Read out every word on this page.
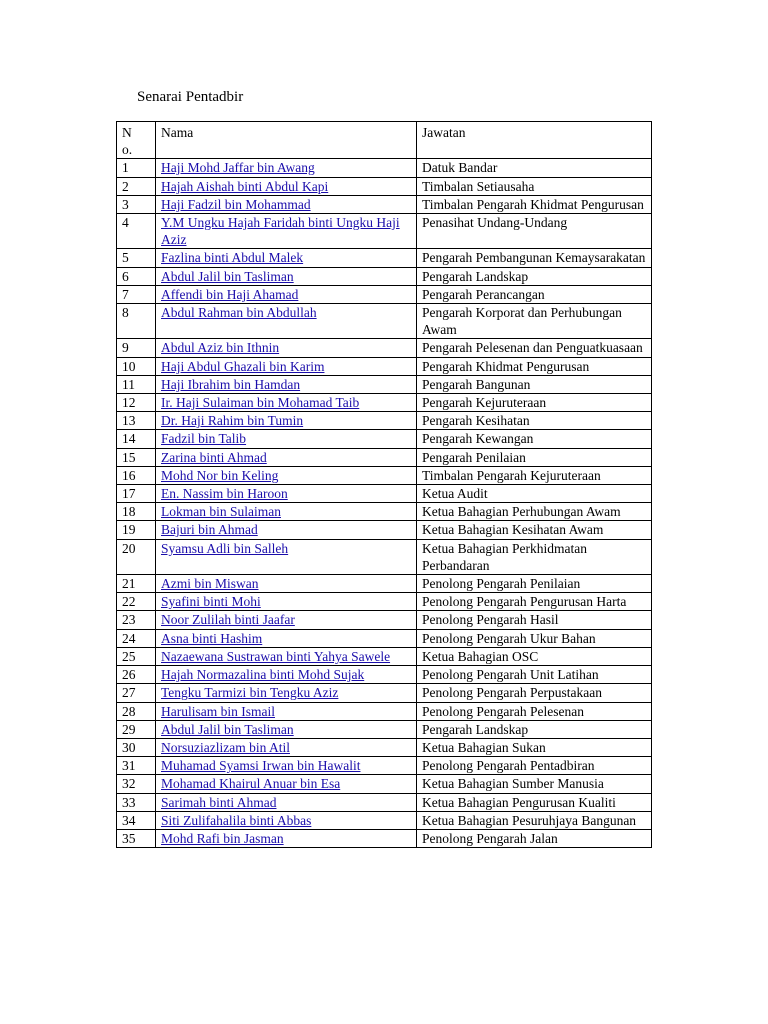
Senarai Pentadbir
No.	Nama	Jawatan
1	Haji Mohd Jaffar bin Awang	Datuk Bandar
2	Hajah Aishah binti Abdul Kapi	Timbalan Setiausaha
3	Haji Fadzil bin Mohammad	Timbalan Pengarah Khidmat Pengurusan
4	Y.M Ungku Hajah Faridah binti Ungku Haji Aziz	Penasihat Undang-Undang
5	Fazlina binti Abdul Malek	Pengarah Pembangunan Kemaysarakatan
6	Abdul Jalil bin Tasliman	Pengarah Landskap
7	Affendi bin Haji Ahamad	Pengarah Perancangan
8	Abdul Rahman bin Abdullah	Pengarah Korporat dan Perhubungan Awam
9	Abdul Aziz bin Ithnin	Pengarah Pelesenan dan Penguatkuasaan
10	Haji Abdul Ghazali bin Karim	Pengarah Khidmat Pengurusan
11	Haji Ibrahim bin Hamdan	Pengarah Bangunan
12	Ir. Haji Sulaiman bin Mohamad Taib	Pengarah Kejuruteraan
13	Dr. Haji Rahim bin Tumin	Pengarah Kesihatan
14	Fadzil bin Talib	Pengarah Kewangan
15	Zarina binti Ahmad	Pengarah Penilaian
16	Mohd Nor bin Keling	Timbalan Pengarah Kejuruteraan
17	En. Nassim bin Haroon	Ketua Audit
18	Lokman bin Sulaiman	Ketua Bahagian Perhubungan Awam
19	Bajuri bin Ahmad	Ketua Bahagian Kesihatan Awam
20	Syamsu Adli bin Salleh	Ketua Bahagian Perkhidmatan Perbandaran
21	Azmi bin Miswan	Penolong Pengarah Penilaian
22	Syafini binti Mohi	Penolong Pengarah Pengurusan Harta
23	Noor Zulilah binti Jaafar	Penolong Pengarah Hasil
24	Asna binti Hashim	Penolong Pengarah Ukur Bahan
25	Nazaewana Sustrawan binti Yahya Sawele	Ketua Bahagian OSC
26	Hajah Normazalina binti Mohd Sujak	Penolong Pengarah Unit Latihan
27	Tengku Tarmizi bin Tengku Aziz	Penolong Pengarah Perpustakaan
28	Harulisam bin Ismail	Penolong Pengarah Pelesenan
29	Abdul Jalil bin Tasliman	Pengarah Landskap
30	Norsuziazlizam bin Atil	Ketua Bahagian Sukan
31	Muhamad Syamsi Irwan bin Hawalit	Penolong Pengarah Pentadbiran
32	Mohamad Khairul Anuar bin Esa	Ketua Bahagian Sumber Manusia
33	Sarimah binti Ahmad	Ketua Bahagian Pengurusan Kualiti
34	Siti Zulifahalila binti Abbas	Ketua Bahagian Pesuruhjaya Bangunan
35	Mohd Rafi bin Jasman	Penolong Pengarah Jalan
